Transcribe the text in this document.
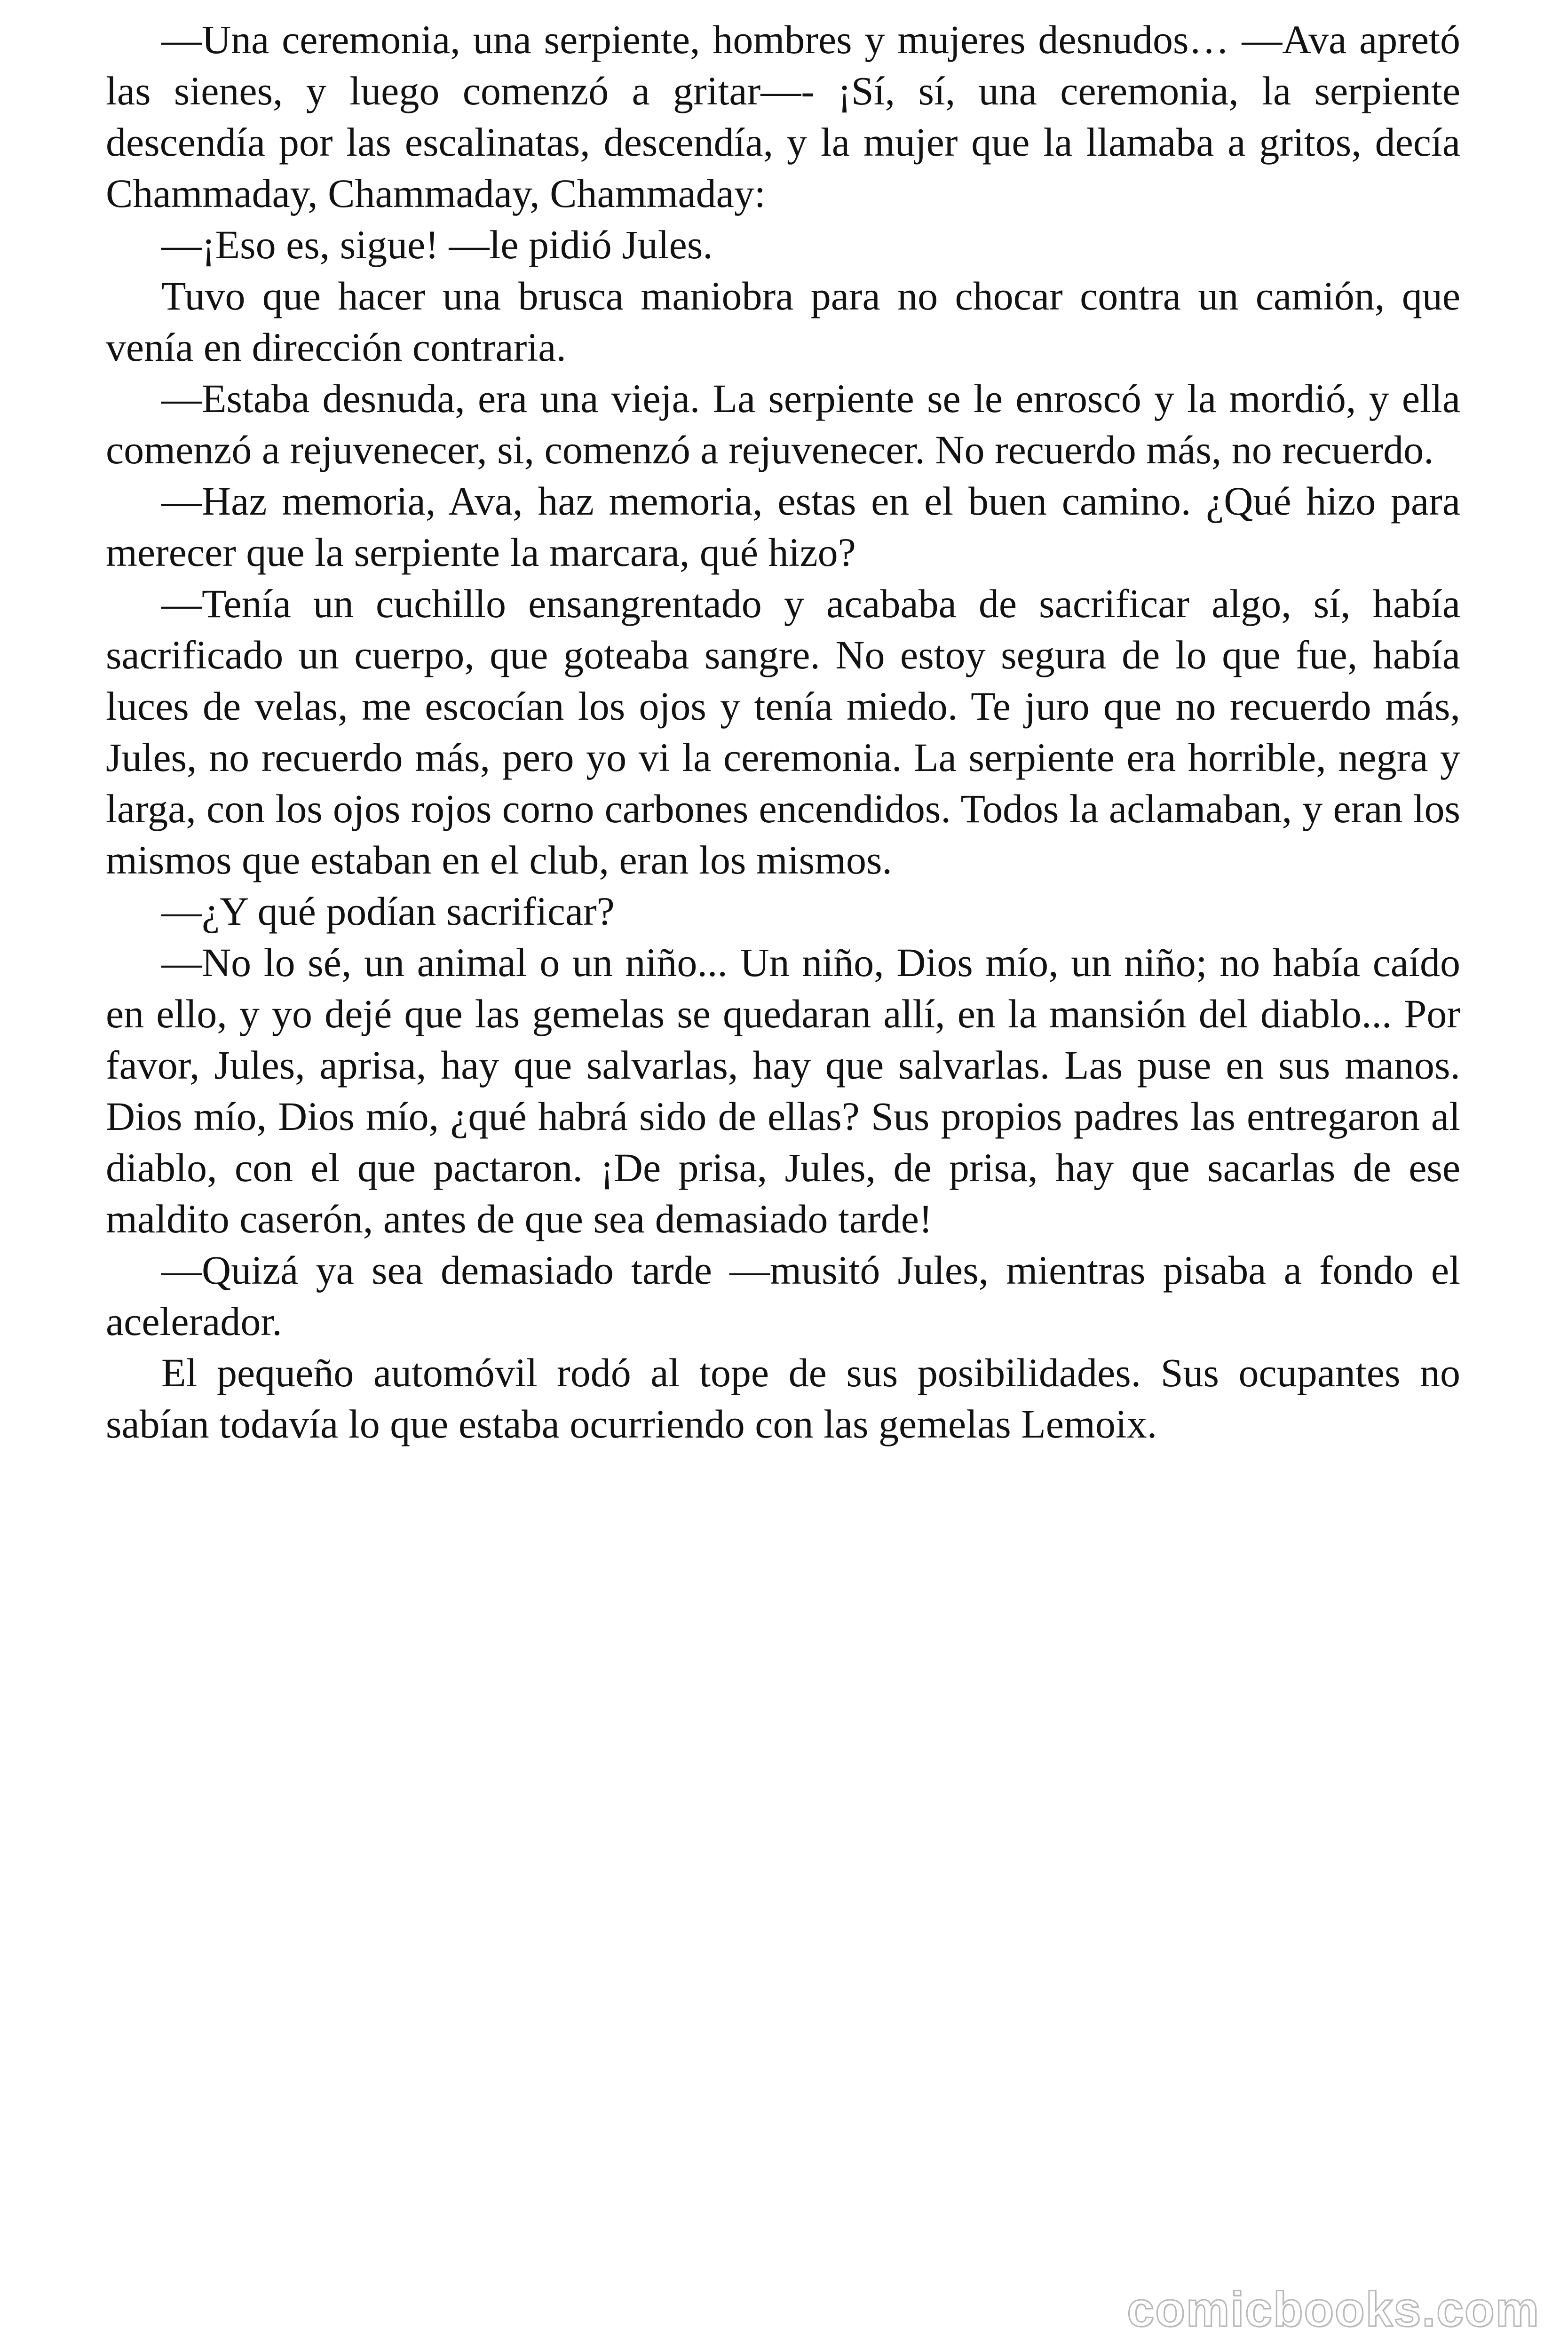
—Una ceremonia, una serpiente, hombres y mujeres desnudos… —Ava apretó las sienes, y luego comenzó a gritar—- ¡Sí, sí, una ceremonia, la serpiente descendía por las escalinatas, descendía, y la mujer que la llamaba a gritos, decía Chammaday, Chammaday, Chammaday:

—¡Eso es, sigue! —le pidió Jules.

Tuvo que hacer una brusca maniobra para no chocar contra un camión, que venía en dirección contraria.

—Estaba desnuda, era una vieja. La serpiente se le enroscó y la mordió, y ella comenzó a rejuvenecer, si, comenzó a rejuvenecer. No recuerdo más, no recuerdo.

—Haz memoria, Ava, haz memoria, estas en el buen camino. ¿Qué hizo para merecer que la serpiente la marcara, qué hizo?

—Tenía un cuchillo ensangrentado y acababa de sacrificar algo, sí, había sacrificado un cuerpo, que goteaba sangre. No estoy segura de lo que fue, había luces de velas, me escocían los ojos y tenía miedo. Te juro que no recuerdo más, Jules, no recuerdo más, pero yo vi la ceremonia. La serpiente era horrible, negra y larga, con los ojos rojos corno carbones encendidos. Todos la aclamaban, y eran los mismos que estaban en el club, eran los mismos.

—¿Y qué podían sacrificar?

—No lo sé, un animal o un niño... Un niño, Dios mío, un niño; no había caído en ello, y yo dejé que las gemelas se quedaran allí, en la mansión del diablo... Por favor, Jules, aprisa, hay que salvarlas, hay que salvarlas. Las puse en sus manos. Dios mío, Dios mío, ¿qué habrá sido de ellas? Sus propios padres las entregaron al diablo, con el que pactaron. ¡De prisa, Jules, de prisa, hay que sacarlas de ese maldito caserón, antes de que sea demasiado tarde!

—Quizá ya sea demasiado tarde —musitó Jules, mientras pisaba a fondo el acelerador.

El pequeño automóvil rodó al tope de sus posibilidades. Sus ocupantes no sabían todavía lo que estaba ocurriendo con las gemelas Lemoix.

comicbooks.com
